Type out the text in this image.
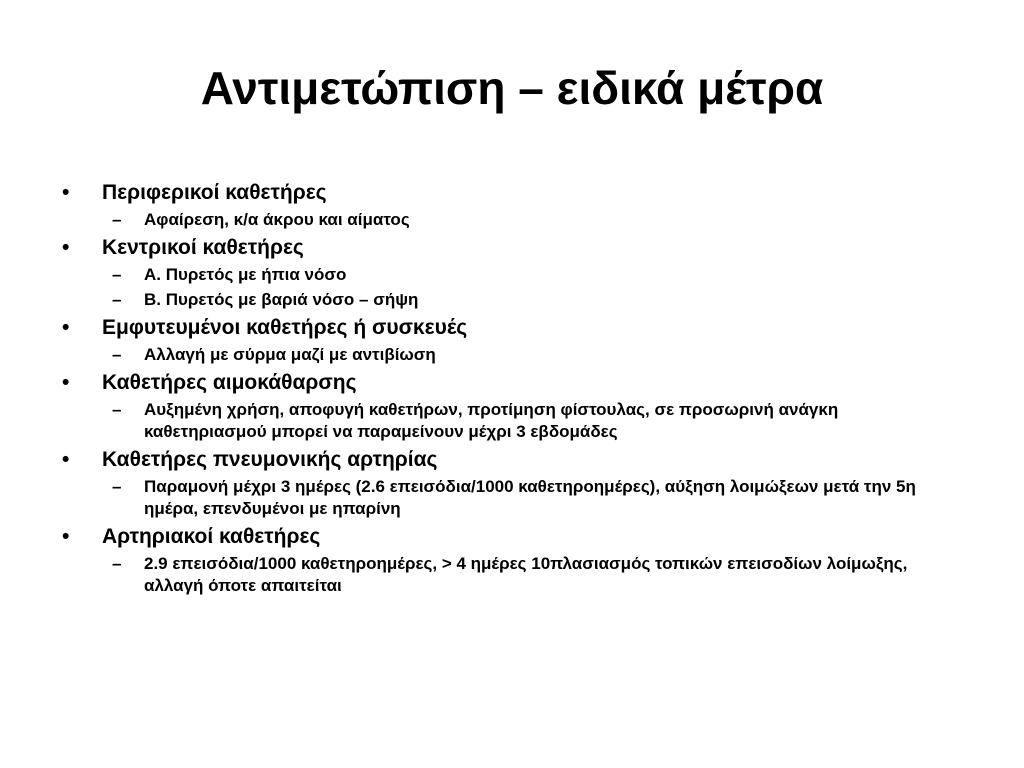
Αντιμετώπιση – ειδικά μέτρα
•	Περιφερικοί καθετήρες
–	Αφαίρεση, κ/α άκρου και αίματος
•	Κεντρικοί καθετήρες
–	Α. Πυρετός με ήπια νόσο
–	Β. Πυρετός με βαριά νόσο – σήψη
•	Εμφυτευμένοι καθετήρες ή συσκευές
–	Αλλαγή με σύρμα μαζί με αντιβίωση
•	Καθετήρες αιμοκάθαρσης
–	Αυξημένη χρήση, αποφυγή καθετήρων, προτίμηση φίστουλας, σε προσωρινή ανάγκη καθετηριασμού μπορεί να παραμείνουν μέχρι 3 εβδομάδες
•	Καθετήρες πνευμονικής αρτηρίας
–	Παραμονή μέχρι 3 ημέρες (2.6 επεισόδια/1000 καθετηροημέρες), αύξηση λοιμώξεων μετά την 5η ημέρα, επενδυμένοι με ηπαρίνη
•	Αρτηριακοί καθετήρες
–	2.9 επεισόδια/1000 καθετηροημέρες, > 4 ημέρες 10πλασιασμός τοπικών επεισοδίων λοίμωξης, αλλαγή όποτε απαιτείται
